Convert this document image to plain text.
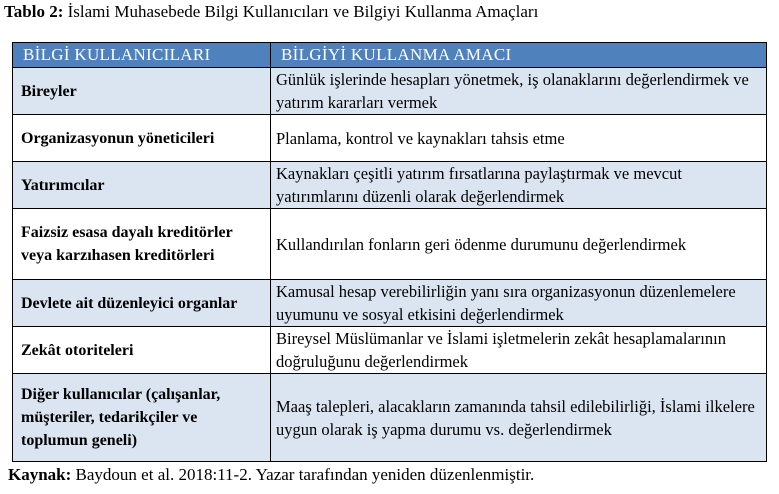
Tablo 2: İslami Muhasebede Bilgi Kullanıcıları ve Bilgiyi Kullanma Amaçları
BİLGİ KULLANICILARI	BİLGİYİ KULLANMA AMACI
Bireyler	Günlük işlerinde hesapları yönetmek, iş olanaklarını değerlendirmek ve yatırım kararları vermek
Organizasyonun yöneticileri	Planlama, kontrol ve kaynakları tahsis etme
Yatırımcılar	Kaynakları çeşitli yatırım fırsatlarına paylaştırmak ve mevcut yatırımlarını düzenli olarak değerlendirmek
Faizsiz esasa dayalı kreditörler veya karzıhasen kreditörleri	Kullandırılan fonların geri ödenme durumunu değerlendirmek
Devlete ait düzenleyici organlar	Kamusal hesap verebilirliğin yanı sıra organizasyonun düzenlemelere uyumunu ve sosyal etkisini değerlendirmek
Zekât otoriteleri	Bireysel Müslümanlar ve İslami işletmelerin zekât hesaplamalarının doğruluğunu değerlendirmek
Diğer kullanıcılar (çalışanlar, müşteriler, tedarikçiler ve toplumun geneli)	Maaş talepleri, alacakların zamanında tahsil edilebilirliği, İslami ilkelere uygun olarak iş yapma durumu vs. değerlendirmek
Kaynak: Baydoun et al. 2018:11-2. Yazar tarafından yeniden düzenlenmiştir.
